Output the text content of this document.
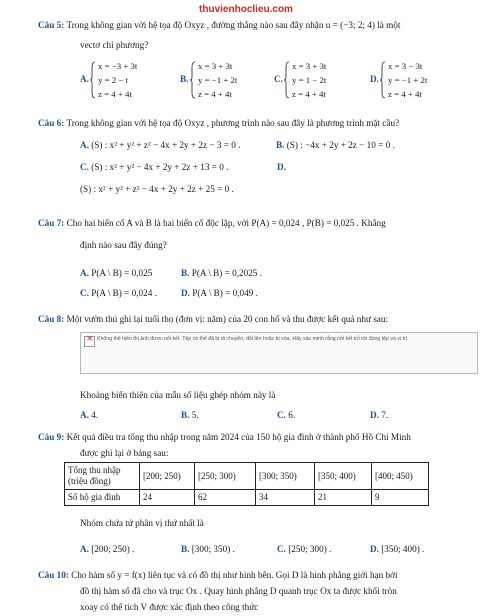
thuvienhoclieu.com
Câu 5: Trong không gian với hệ tọa độ Oxyz , đường thẳng nào sau đây nhận u = (−3; 2; 4) là một
vectơ chỉ phương?
A.
x = −3 + 3t
y = 2 − t
z = 4 + 4t
B.
x = 3 + 3t
y = −1 + 2t
z = 4 + 4t
C.
x = 3 + 3t
y = 1 − 2t
z = 4 + 4t
D.
x = 3 − 3t
y = −1 + 2t
z = 4 + 4t
Câu 6: Trong không gian với hệ tọa độ Oxyz , phương trình nào sau đây là phương trình mặt cầu?
A. (S) : x² + y² + z² − 4x + 2y + 2z − 3 = 0 .	B. (S) : −4x + 2y + 2z − 10 = 0 .
C. (S) : x² + y² − 4x + 2y + 2z + 13 = 0 .	D.
(S) : x² + y² + z² − 4x + 2y + 2z + 25 = 0 .
Câu 7: Cho hai biến cố A và B là hai biến cố độc lập, với P(A) = 0,024 , P(B) = 0,025 . Khẳng
định nào sau đây đúng?
A. P(A \ B) = 0,025	B. P(A \ B) = 0,2025 .
C. P(A \ B) = 0,024 .	D. P(A \ B) = 0,049 .
Câu 8: Một vườn thú ghi lại tuổi thọ (đơn vị: năm) của 20 con hổ và thu được kết quả như sau:
×
Không thể hiển thị ảnh được nối kết. Tệp có thể đã bị di chuyển, đổi tên hoặc bị xóa. Hãy xác minh rằng nối kết trỏ tới đúng tệp và vị trí.
Khoảng biến thiên của mẫu số liệu ghép nhóm này là
A. 4.	B. 5.	C. 6.	D. 7.
Câu 9: Kết quả điều tra tổng thu nhập trong năm 2024 của 150 hộ gia đình ở thành phố Hồ Chí Minh
được ghi lại ở bảng sau:
Tổng thu nhập
(triệu đồng)	[200; 250)	[250; 300)	[300; 350)	[350; 400)	[400; 450)
Số hộ gia đình	24	62	34	21	9
Nhóm chứa tứ phân vị thứ nhất là
A. [200; 250) .	B. [300; 350) .	C. [250; 300) .	D. [350; 400) .
Câu 10: Cho hàm số y = f(x) liên tục và có đồ thị như hình bên. Gọi D là hình phẳng giới hạn bởi
đồ thị hàm số đã cho và trục Ox . Quay hình phẳng D quanh trục Ox ta được khối tròn
xoay có thể tích V được xác định theo công thức
